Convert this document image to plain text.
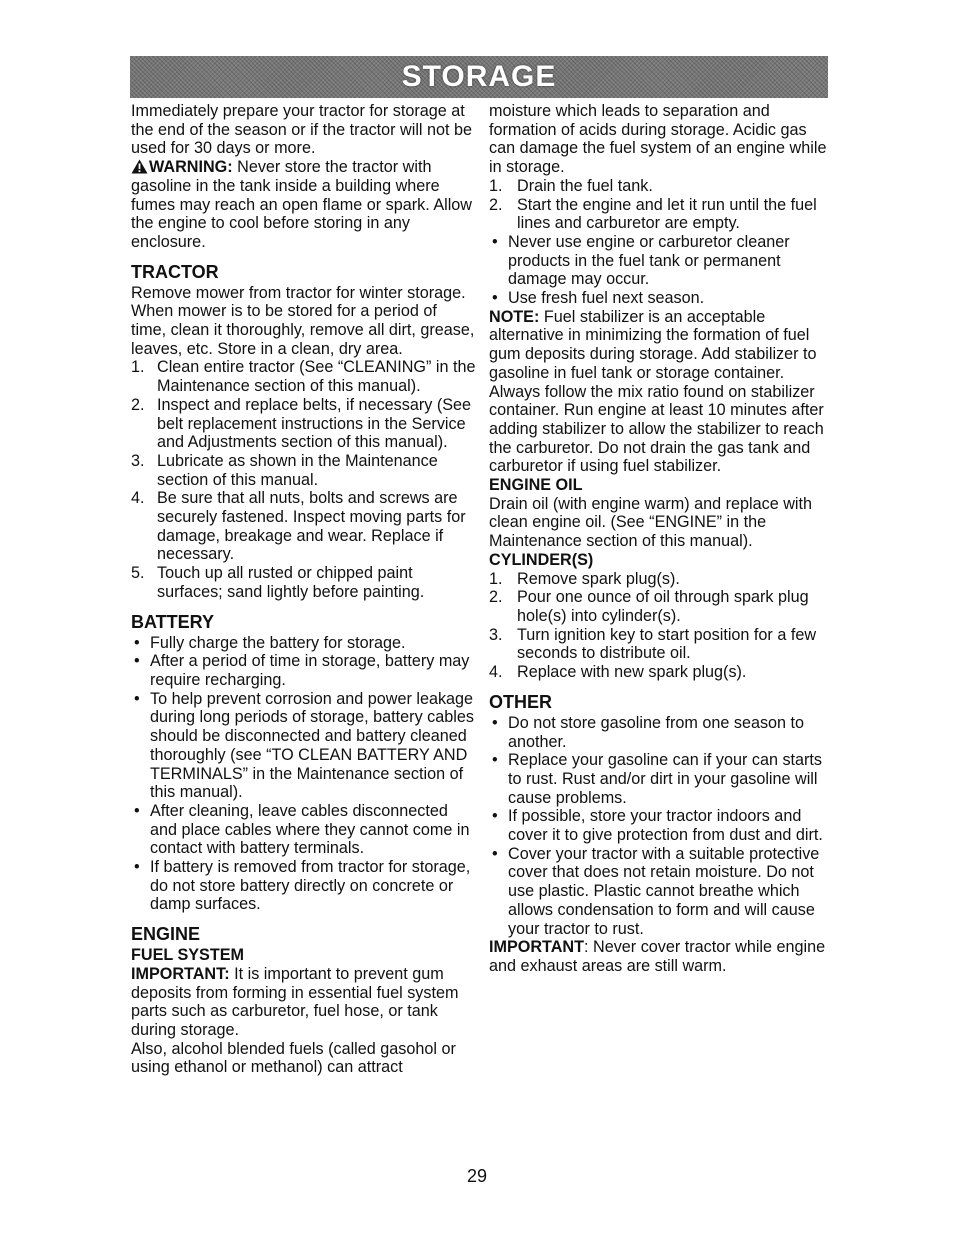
STORAGE

Immediately prepare your tractor for storage at the end of the season or if the tractor will not be used for 30 days or more.

WARNING: Never store the tractor with gasoline in the tank inside a building where fumes may reach an open flame or spark. Allow the engine to cool before storing in any enclosure.

TRACTOR

Remove mower from tractor for winter storage. When mower is to be stored for a period of time, clean it thoroughly, remove all dirt, grease, leaves, etc. Store in a clean, dry area.

1. Clean entire tractor (See “CLEANING” in the Maintenance section of this manual).
2. Inspect and replace belts, if necessary (See belt replacement instructions in the Service and Adjustments section of this manual).
3. Lubricate as shown in the Maintenance section of this manual.
4. Be sure that all nuts, bolts and screws are securely fastened. Inspect moving parts for damage, breakage and wear. Replace if necessary.
5. Touch up all rusted or chipped paint surfaces; sand lightly before painting.
BATTERY
• Fully charge the battery for storage.
• After a period of time in storage, battery may require recharging.
• To help prevent corrosion and power leakage during long periods of storage, battery cables should be disconnected and battery cleaned thoroughly (see “TO CLEAN BATTERY AND TERMINALS” in the Maintenance section of this manual).
• After cleaning, leave cables disconnected and place cables where they cannot come in contact with battery terminals.
• If battery is removed from tractor for storage, do not store battery directly on concrete or damp surfaces.
ENGINE
FUEL SYSTEM

IMPORTANT: It is important to prevent gum deposits from forming in essential fuel system parts such as carburetor, fuel hose, or tank during storage.

Also, alcohol blended fuels (called gasohol or using ethanol or methanol) can attract

moisture which leads to separation and formation of acids during storage. Acidic gas can damage the fuel system of an engine while in storage.

1. Drain the fuel tank.
2. Start the engine and let it run until the fuel lines and carburetor are empty.
• Never use engine or carburetor cleaner products in the fuel tank or permanent damage may occur.
• Use fresh fuel next season.

NOTE: Fuel stabilizer is an acceptable alternative in minimizing the formation of fuel gum deposits during storage. Add stabilizer to gasoline in fuel tank or storage container. Always follow the mix ratio found on stabilizer container. Run engine at least 10 minutes after adding stabilizer to allow the stabilizer to reach the carburetor. Do not drain the gas tank and carburetor if using fuel stabilizer.

ENGINE OIL

Drain oil (with engine warm) and replace with clean engine oil. (See “ENGINE” in the Maintenance section of this manual).

CYLINDER(S)
1. Remove spark plug(s).
2. Pour one ounce of oil through spark plug hole(s) into cylinder(s).
3. Turn ignition key to start position for a few seconds to distribute oil.
4. Replace with new spark plug(s).
OTHER
• Do not store gasoline from one season to another.
• Replace your gasoline can if your can starts to rust. Rust and/or dirt in your gasoline will cause problems.
• If possible, store your tractor indoors and cover it to give protection from dust and dirt.
• Cover your tractor with a suitable protective cover that does not retain moisture. Do not use plastic. Plastic cannot breathe which allows condensation to form and will cause your tractor to rust.

IMPORTANT: Never cover tractor while engine and exhaust areas are still warm.

29
